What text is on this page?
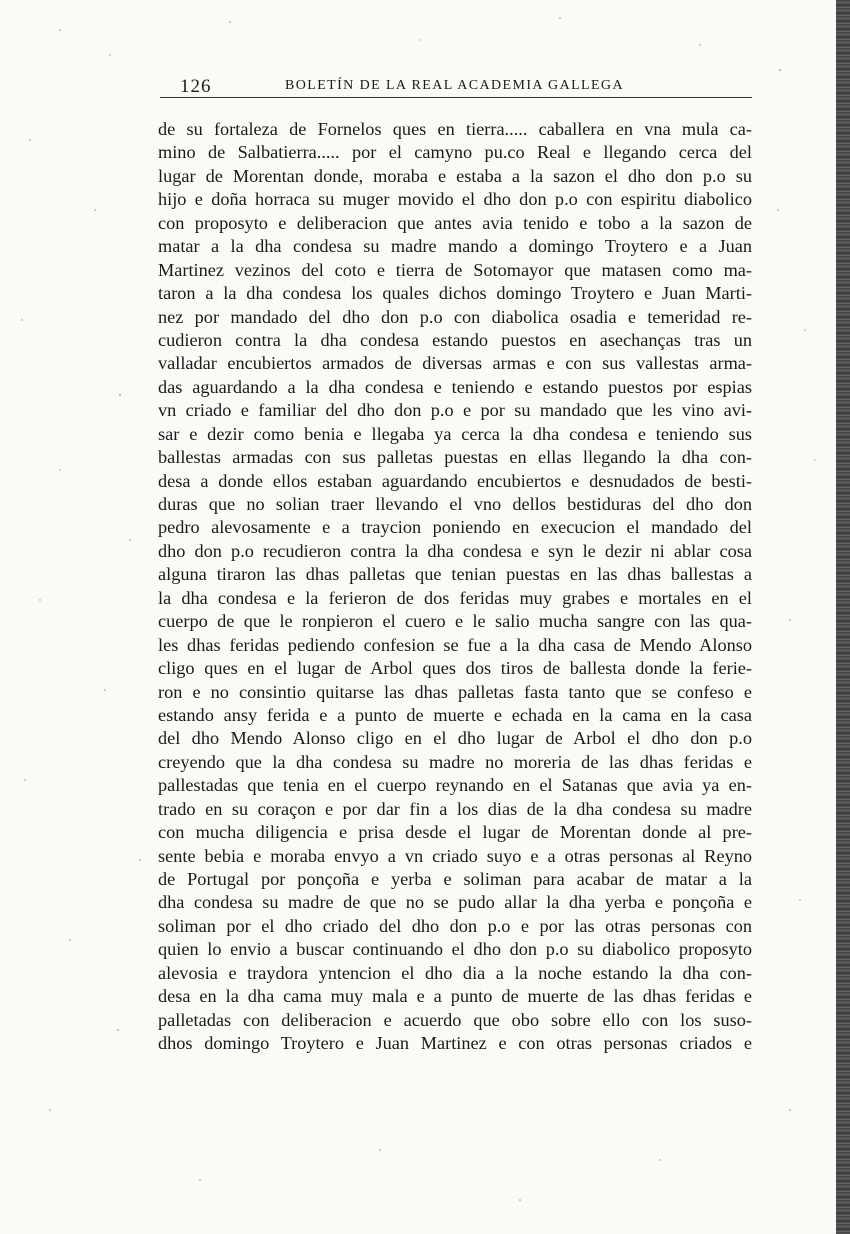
126	BOLETÍN DE LA REAL ACADEMIA GALLEGA
de su fortaleza de Fornelos ques en tierra..... caballera en vna mula ca-
mino de Salbatierra..... por el camyno pu.co Real e llegando cerca del
lugar de Morentan donde, moraba e estaba a la sazon el dho don p.o su
hijo e doña horraca su muger movido el dho don p.o con espiritu diabolico
con proposyto e deliberacion que antes avia tenido e tobo a la sazon de
matar a la dha condesa su madre mando a domingo Troytero e a Juan
Martinez vezinos del coto e tierra de Sotomayor que matasen como ma-
taron a la dha condesa los quales dichos domingo Troytero e Juan Marti-
nez por mandado del dho don p.o con diabolica osadia e temeridad re-
cudieron contra la dha condesa estando puestos en asechanças tras un
valladar encubiertos armados de diversas armas e con sus vallestas arma-
das aguardando a la dha condesa e teniendo e estando puestos por espias
vn criado e familiar del dho don p.o e por su mandado que les vino avi-
sar e dezir como benia e llegaba ya cerca la dha condesa e teniendo sus
ballestas armadas con sus palletas puestas en ellas llegando la dha con-
desa a donde ellos estaban aguardando encubiertos e desnudados de besti-
duras que no solian traer llevando el vno dellos bestiduras del dho don
pedro alevosamente e a traycion poniendo en execucion el mandado del
dho don p.o recudieron contra la dha condesa e syn le dezir ni ablar cosa
alguna tiraron las dhas palletas que tenian puestas en las dhas ballestas a
la dha condesa e la ferieron de dos feridas muy grabes e mortales en el
cuerpo de que le ronpieron el cuero e le salio mucha sangre con las qua-
les dhas feridas pediendo confesion se fue a la dha casa de Mendo Alonso
cligo ques en el lugar de Arbol ques dos tiros de ballesta donde la ferie-
ron e no consintio quitarse las dhas palletas fasta tanto que se confeso e
estando ansy ferida e a punto de muerte e echada en la cama en la casa
del dho Mendo Alonso cligo en el dho lugar de Arbol el dho don p.o
creyendo que la dha condesa su madre no moreria de las dhas feridas e
pallestadas que tenia en el cuerpo reynando en el Satanas que avia ya en-
trado en su coraçon e por dar fin a los dias de la dha condesa su madre
con mucha diligencia e prisa desde el lugar de Morentan donde al pre-
sente bebia e moraba envyo a vn criado suyo e a otras personas al Reyno
de Portugal por ponçoña e yerba e soliman para acabar de matar a la
dha condesa su madre de que no se pudo allar la dha yerba e ponçoña e
soliman por el dho criado del dho don p.o e por las otras personas con
quien lo envio a buscar continuando el dho don p.o su diabolico proposyto
alevosia e traydora yntencion el dho dia a la noche estando la dha con-
desa en la dha cama muy mala e a punto de muerte de las dhas feridas e
palletadas con deliberacion e acuerdo que obo sobre ello con los suso-
dhos domingo Troytero e Juan Martinez e con otras personas criados e
